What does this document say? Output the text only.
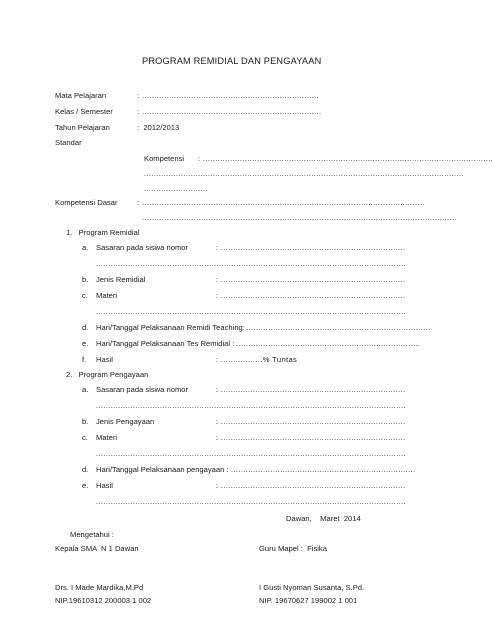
PROGRAM REMIDIAL DAN PENGAYAAN
Mata Pelajaran	: ........................................................................
Kelas / Semester	: .........................................................................
Tahun Pelajaran	:  2012/2013
Standar
Kompetensi : ......................................................................................................................
..................................................................................................................................
..........................
Kompetensi Dasar	: ...................................................................................................................
................................................................................................................................
1.   Program Remidial
a. Sasaran pada siswa nomor	: ...........................................................................
..............................................................................................................................
b. Jenis Remidial	: ...........................................................................
c. Materi	: ...........................................................................
..............................................................................................................................
d. Hari/Tanggal Pelaksanaan Remidi Teaching: ...........................................................................
e. Hari/Tanggal Pelaksanaan Tes Remidial : ...........................................................................
f. Hasil	: .................% Tuntas
2.   Program Pengayaan
a. Sasaran pada siswa nomor	: ...........................................................................
..............................................................................................................................
b. Jenis Pengayaan	: ...........................................................................
c. Materi	: ...........................................................................
..............................................................................................................................
d. Hari/Tanggal Pelaksanaan pengayaan : ...........................................................................
e. Hasil	: ...........................................................................
..............................................................................................................................
Dawan,    Maret  2014
Mengetahui :
Kepala SMA  N 1 Dawan	Guru Mapel :  Fisika
Drs. I Made Mardika,M.Pd
NIP.19610312 200003 1 002
I Gusti Nyoman Susanta, S.Pd.
NIP. 19670627 199002 1 001
